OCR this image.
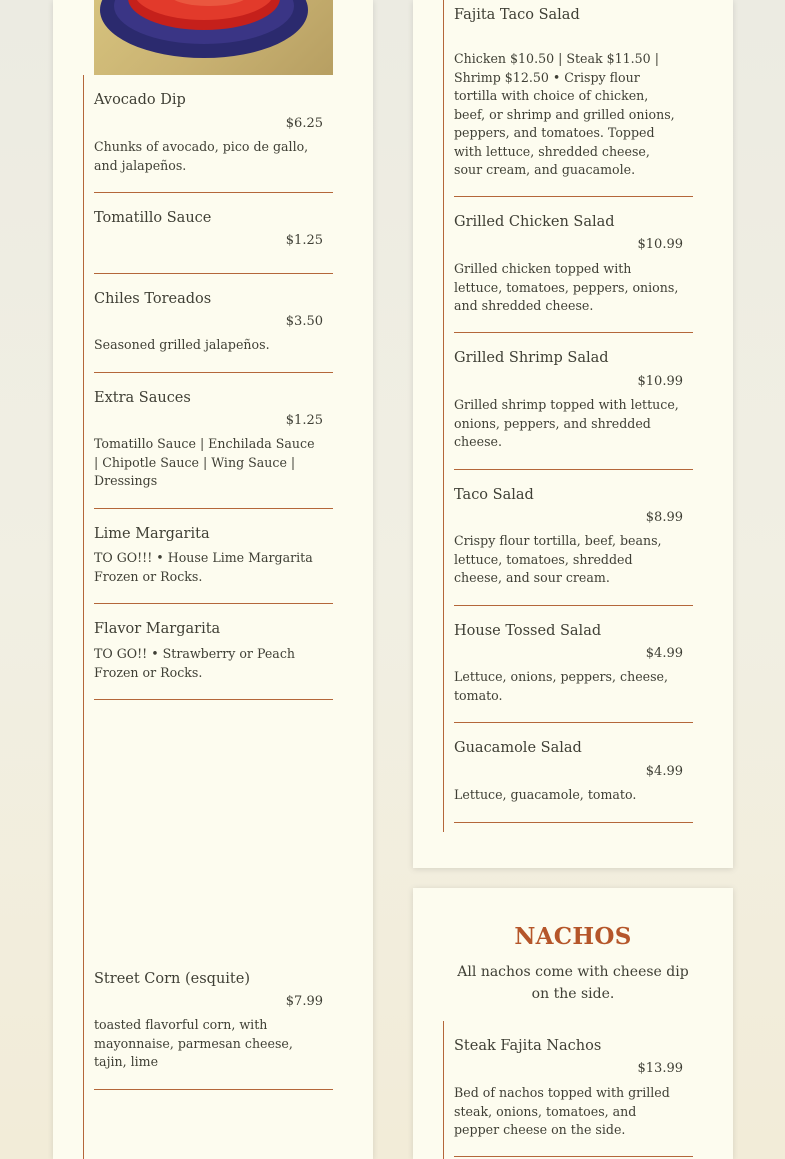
Avocado Dip
$6.25
Chunks of avocado, pico de gallo, and jalapeños.
Tomatillo Sauce
$1.25
Chiles Toreados
$3.50
Seasoned grilled jalapeños.
Extra Sauces
$1.25
Tomatillo Sauce | Enchilada Sauce | Chipotle Sauce | Wing Sauce | Dressings
Lime Margarita
TO GO!!! • House Lime Margarita Frozen or Rocks.
Flavor Margarita
TO GO!! • Strawberry or Peach Frozen or Rocks.
Street Corn (esquite)
$7.99
toasted flavorful corn, with mayonnaise, parmesan cheese, tajin, lime
Fajita Taco Salad
Chicken $10.50 | Steak $11.50 | Shrimp $12.50 • Crispy flour tortilla with choice of chicken, beef, or shrimp and grilled onions, peppers, and tomatoes. Topped with lettuce, shredded cheese, sour cream, and guacamole.
Grilled Chicken Salad
$10.99
Grilled chicken topped with lettuce, tomatoes, peppers, onions, and shredded cheese.
Grilled Shrimp Salad
$10.99
Grilled shrimp topped with lettuce, onions, peppers, and shredded cheese.
Taco Salad
$8.99
Crispy flour tortilla, beef, beans, lettuce, tomatoes, shredded cheese, and sour cream.
House Tossed Salad
$4.99
Lettuce, onions, peppers, cheese, tomato.
Guacamole Salad
$4.99
Lettuce, guacamole, tomato.
NACHOS
All nachos come with cheese dip on the side.
Steak Fajita Nachos
$13.99
Bed of nachos topped with grilled steak, onions, tomatoes, and pepper cheese on the side.
